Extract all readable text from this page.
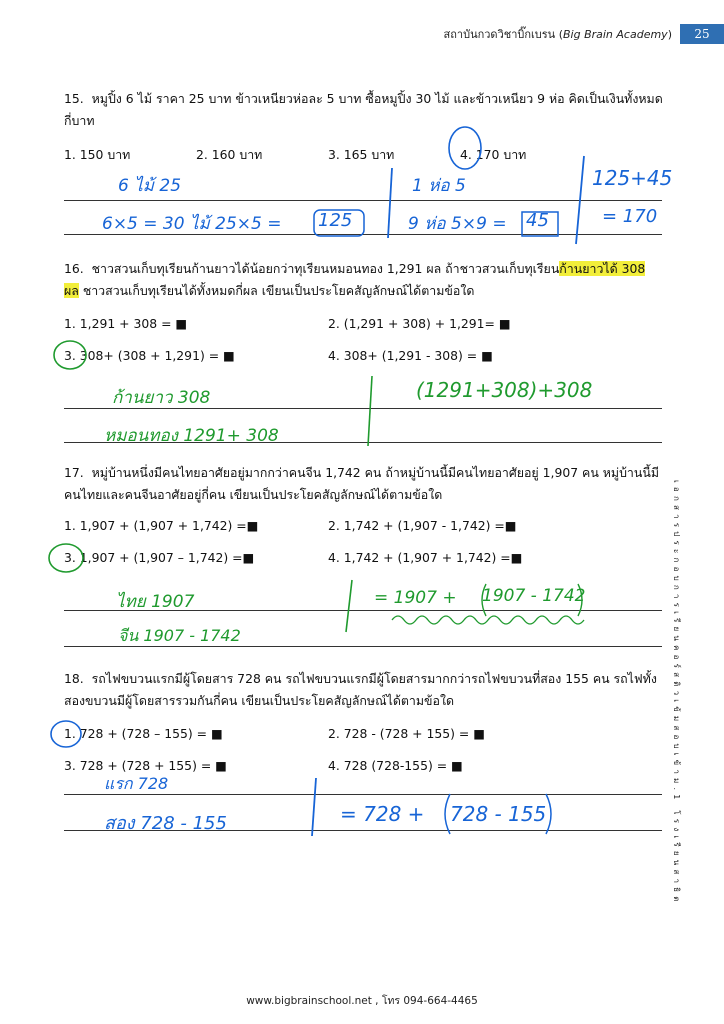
สถาบันกวดวิชาบิ๊กเบรน (Big Brain Academy)	25
15. หมูปิ้ง 6 ไม้ ราคา 25 บาท ข้าวเหนียวห่อละ 5 บาท ซื้อหมูปิ้ง 30 ไม้ และข้าวเหนียว 9 ห่อ คิดเป็นเงินทั้งหมดกี่บาท
1. 150 บาท	2. 160 บาท	3. 165 บาท	4. 170 บาท
6 ไม้ 25
6×5 = 30 ไม้ 25×5 = 125
1 ห่อ 5
9 ห่อ 5×9 = 45
125+45
= 170
16. ชาวสวนเก็บทุเรียนก้านยาวได้น้อยกว่าทุเรียนหมอนทอง 1,291 ผล ถ้าชาวสวนเก็บทุเรียนก้านยาวได้ 308 ผล ชาวสวนเก็บทุเรียนได้ทั้งหมดกี่ผล เขียนเป็นประโยคสัญลักษณ์ได้ตามข้อใด
1. 1,291 + 308 = ■	2. (1,291 + 308) + 1,291= ■
3. 308+ (308 + 1,291) = ■	4. 308+ (1,291 - 308) = ■
ก้านยาว 308
หมอนทอง 1291+ 308
(1291+308)+308
17. หมู่บ้านหนึ่งมีคนไทยอาศัยอยู่มากกว่าคนจีน 1,742 คน ถ้าหมู่บ้านนี้มีคนไทยอาศัยอยู่ 1,907 คน หมู่บ้านนี้มีคนไทยและคนจีนอาศัยอยู่กี่คน เขียนเป็นประโยคสัญลักษณ์ได้ตามข้อใด
1. 1,907 + (1,907 + 1,742) =■	2. 1,742 + (1,907 - 1,742) =■
3. 1,907 + (1,907 – 1,742) =■	4. 1,742 + (1,907 + 1,742) =■
ไทย 1907
จีน 1907 - 1742
= 1907 + 1907 - 1742
18. รถไฟขบวนแรกมีผู้โดยสาร 728 คน รถไฟขบวนแรกมีผู้โดยสารมากกว่ารถไฟขบวนที่สอง 155 คน รถไฟทั้งสองขบวนมีผู้โดยสารรวมกันกี่คน เขียนเป็นประโยคสัญลักษณ์ได้ตามข้อใด
1. 728 + (728 – 155) = ■	2. 728 - (728 + 155) = ■
3. 728 + (728 + 155) = ■	4. 728 (728-155) = ■
แรก 728
สอง 728 - 155	= 728 + 728 - 155	เอกสารประกอบการเรียนคอร์สติวเข้มสอบเข้าม.1 โรงเรียนสาธิต
www.bigbrainschool.net , โทร 094-664-4465
